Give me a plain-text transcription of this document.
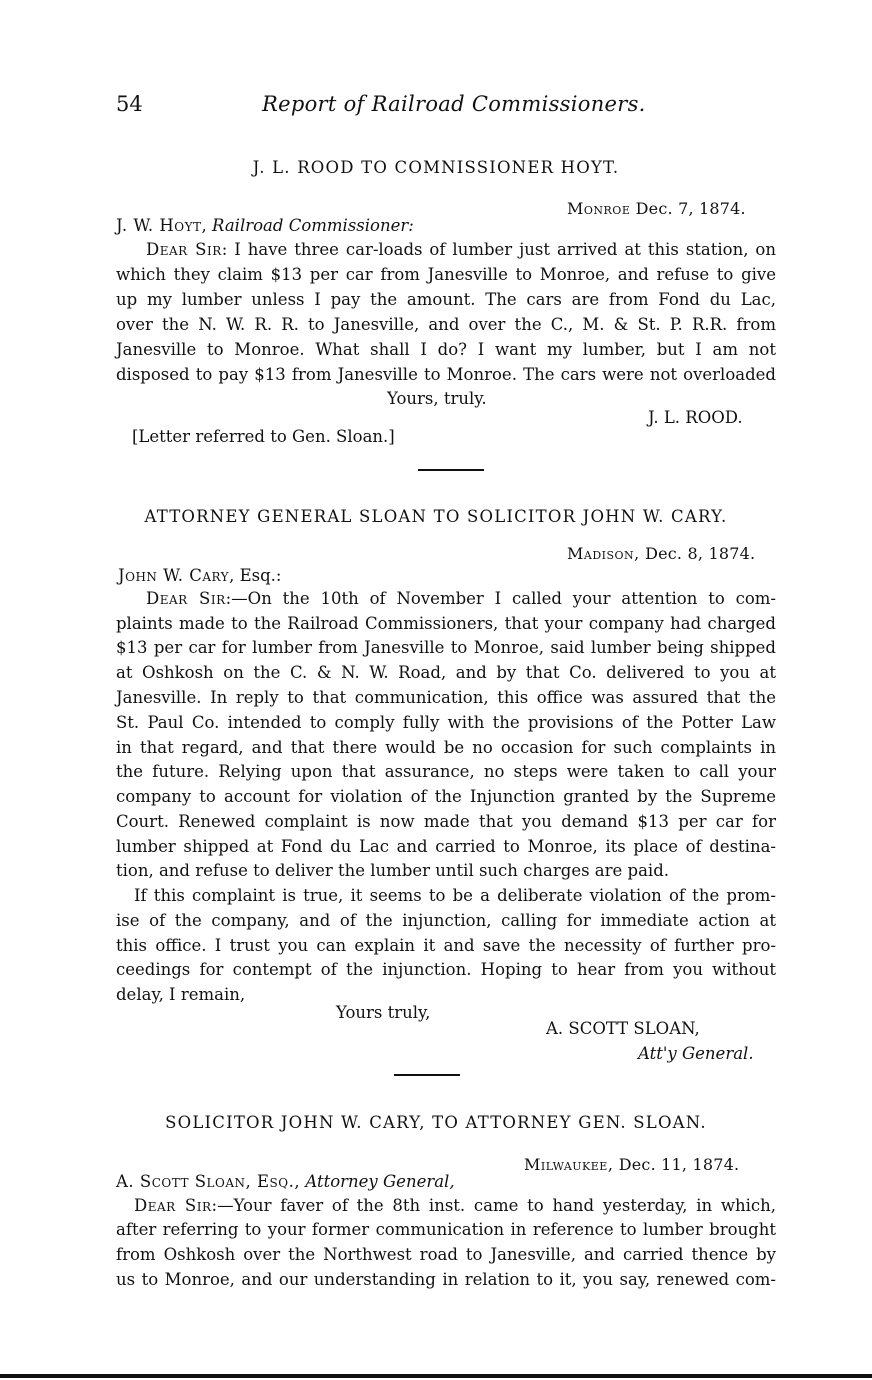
54	Report of Railroad Commissioners.
J. L. ROOD TO COMNISSIONER HOYT.
Monroe Dec. 7, 1874.
J. W. Hoyt, Railroad Commissioner:
Dear Sir: I have three car-loads of lumber just arrived at this station, on
which they claim $13 per car from Janesville to Monroe, and refuse to give
up my lumber unless I pay the amount. The cars are from Fond du Lac,
over the N. W. R. R. to Janesville, and over the C., M. & St. P. R.R. from
Janesville to Monroe. What shall I do? I want my lumber, but I am not
disposed to pay $13 from Janesville to Monroe. The cars were not overloaded
Yours, truly.
J. L. ROOD.
[Letter referred to Gen. Sloan.]
ATTORNEY GENERAL SLOAN TO SOLICITOR JOHN W. CARY.
Madison, Dec. 8, 1874.
John W. Cary, Esq.:
Dear Sir:—On the 10th of November I called your attention to com-
plaints made to the Railroad Commissioners, that your company had charged
$13 per car for lumber from Janesville to Monroe, said lumber being shipped
at Oshkosh on the C. & N. W. Road, and by that Co. delivered to you at
Janesville. In reply to that communication, this office was assured that the
St. Paul Co. intended to comply fully with the provisions of the Potter Law
in that regard, and that there would be no occasion for such complaints in
the future. Relying upon that assurance, no steps were taken to call your
company to account for violation of the Injunction granted by the Supreme
Court. Renewed complaint is now made that you demand $13 per car for
lumber shipped at Fond du Lac and carried to Monroe, its place of destina-
tion, and refuse to deliver the lumber until such charges are paid.
If this complaint is true, it seems to be a deliberate violation of the prom-
ise of the company, and of the injunction, calling for immediate action at
this office. I trust you can explain it and save the necessity of further pro-
ceedings for contempt of the injunction. Hoping to hear from you without
delay, I remain,
Yours truly,
A. SCOTT SLOAN,
Att'y General.
SOLICITOR JOHN W. CARY, TO ATTORNEY GEN. SLOAN.
Milwaukee, Dec. 11, 1874.
A. Scott Sloan, Esq., Attorney General,
Dear Sir:—Your faver of the 8th inst. came to hand yesterday, in which,
after referring to your former communication in reference to lumber brought
from Oshkosh over the Northwest road to Janesville, and carried thence by
us to Monroe, and our understanding in relation to it, you say, renewed com-
